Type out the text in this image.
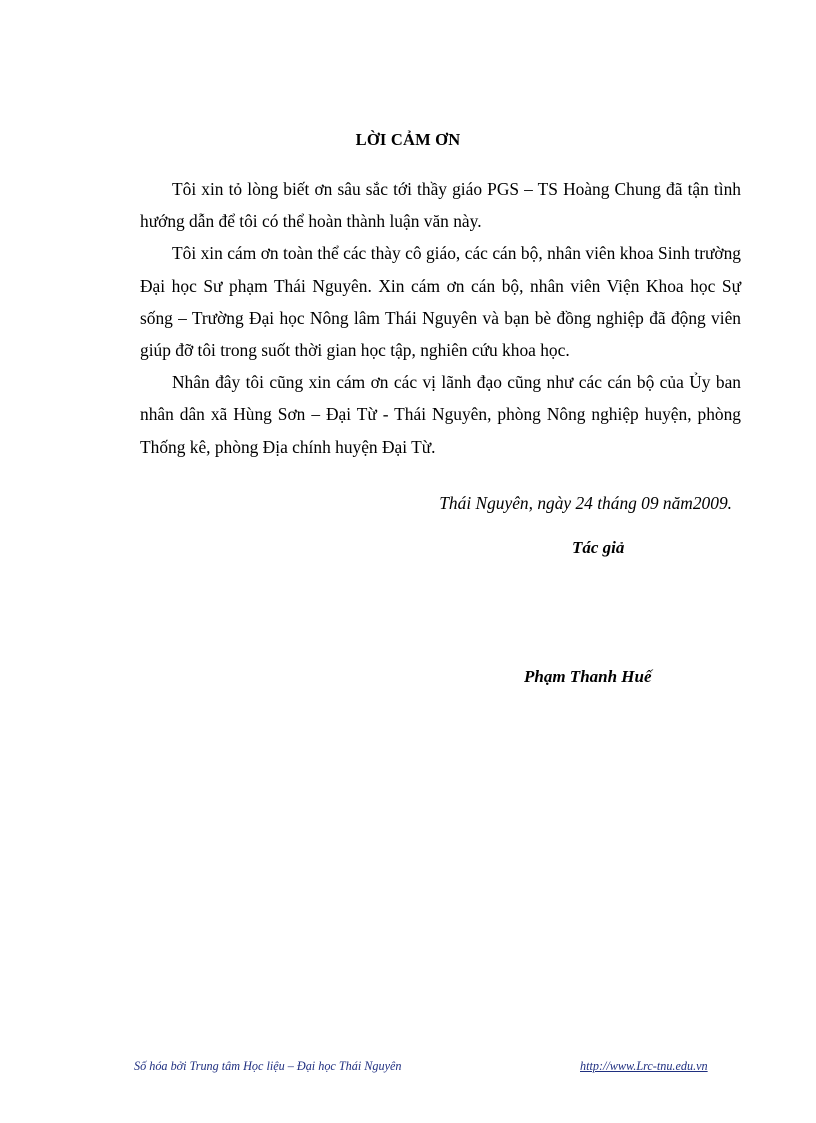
LỜI CẢM ƠN

Tôi xin tỏ lòng biết ơn sâu sắc tới thầy giáo PGS – TS Hoàng Chung đã tận tình hướng dẫn để tôi có thể hoàn thành luận văn này.

Tôi xin cám ơn toàn thể các thày cô giáo, các cán bộ, nhân viên khoa Sinh trường Đại học Sư phạm Thái Nguyên. Xin cám ơn cán bộ, nhân viên Viện Khoa học Sự sống – Trường Đại học Nông lâm Thái Nguyên và bạn bè đồng nghiệp đã động viên giúp đỡ tôi trong suốt thời gian học tập, nghiên cứu khoa học.

Nhân đây tôi cũng xin cám ơn các vị lãnh đạo cũng như các cán bộ của Ủy ban nhân dân xã Hùng Sơn – Đại Từ - Thái Nguyên, phòng Nông nghiệp huyện, phòng Thống kê, phòng Địa chính huyện Đại Từ.

Thái Nguyên, ngày 24 tháng 09 năm2009.

Tác giả

Phạm Thanh Huế

Số hóa bởi Trung tâm Học liệu – Đại học Thái Nguyên	http://www.Lrc-tnu.edu.vn
